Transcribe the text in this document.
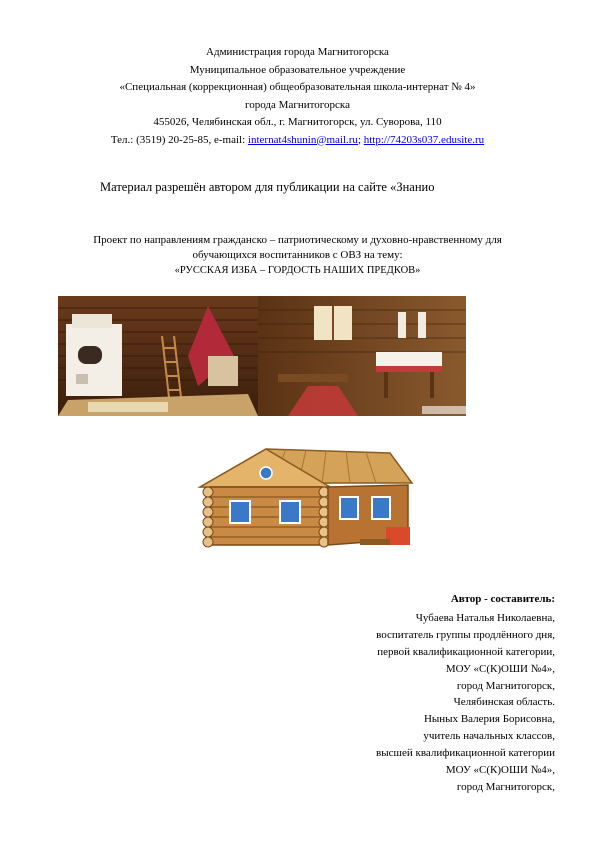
Администрация города Магнитогорска
Муниципальное образовательное учреждение
«Специальная (коррекционная) общеобразовательная школа-интернат № 4»
города Магнитогорска
455026, Челябинская обл., г. Магнитогорск, ул. Суворова, 110
Тел.: (3519) 20-25-85, e-mail: internat4shunin@mail.ru; http://74203s037.edusite.ru
Материал разрешён автором для публикации на сайте «Знанио
Проект по направлениям гражданско – патриотическому и духовно-нравственному для
обучающихся воспитанников с ОВЗ на тему:
«РУССКАЯ ИЗБА – ГОРДОСТЬ НАШИХ ПРЕДКОВ»
Автор - составитель:
Чубаева Наталья Николаевна,
воспитатель группы продлённого дня,
первой квалификационной категории,
МОУ «С(К)ОШИ №4»,
город Магнитогорск,
Челябинская область.
Ныных Валерия Борисовна,
учитель начальных классов,
высшей квалификационной категории
МОУ «С(К)ОШИ №4»,
город Магнитогорск,
